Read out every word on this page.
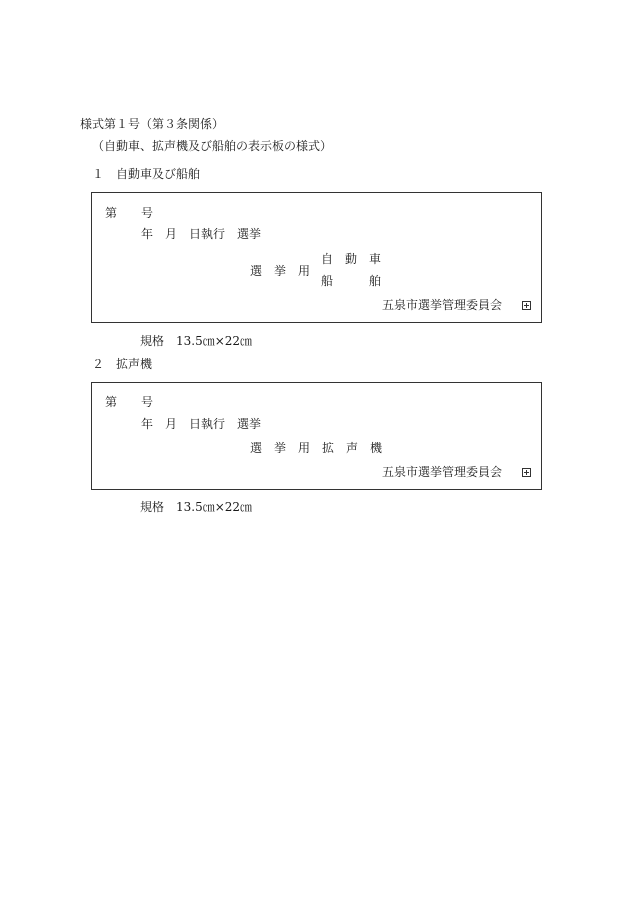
様式第１号（第３条関係）
（自動車、拡声機及び船舶の表示板の様式）
１　自動車及び船舶
第　　号
年　月　日執行　選挙
選　挙　用
自　動　車
船　　　舶
五泉市選挙管理委員会
規格　13.5㎝×22㎝
２　拡声機
第　　号
年　月　日執行　選挙
選　挙　用　拡　声　機
五泉市選挙管理委員会
規格　13.5㎝×22㎝
